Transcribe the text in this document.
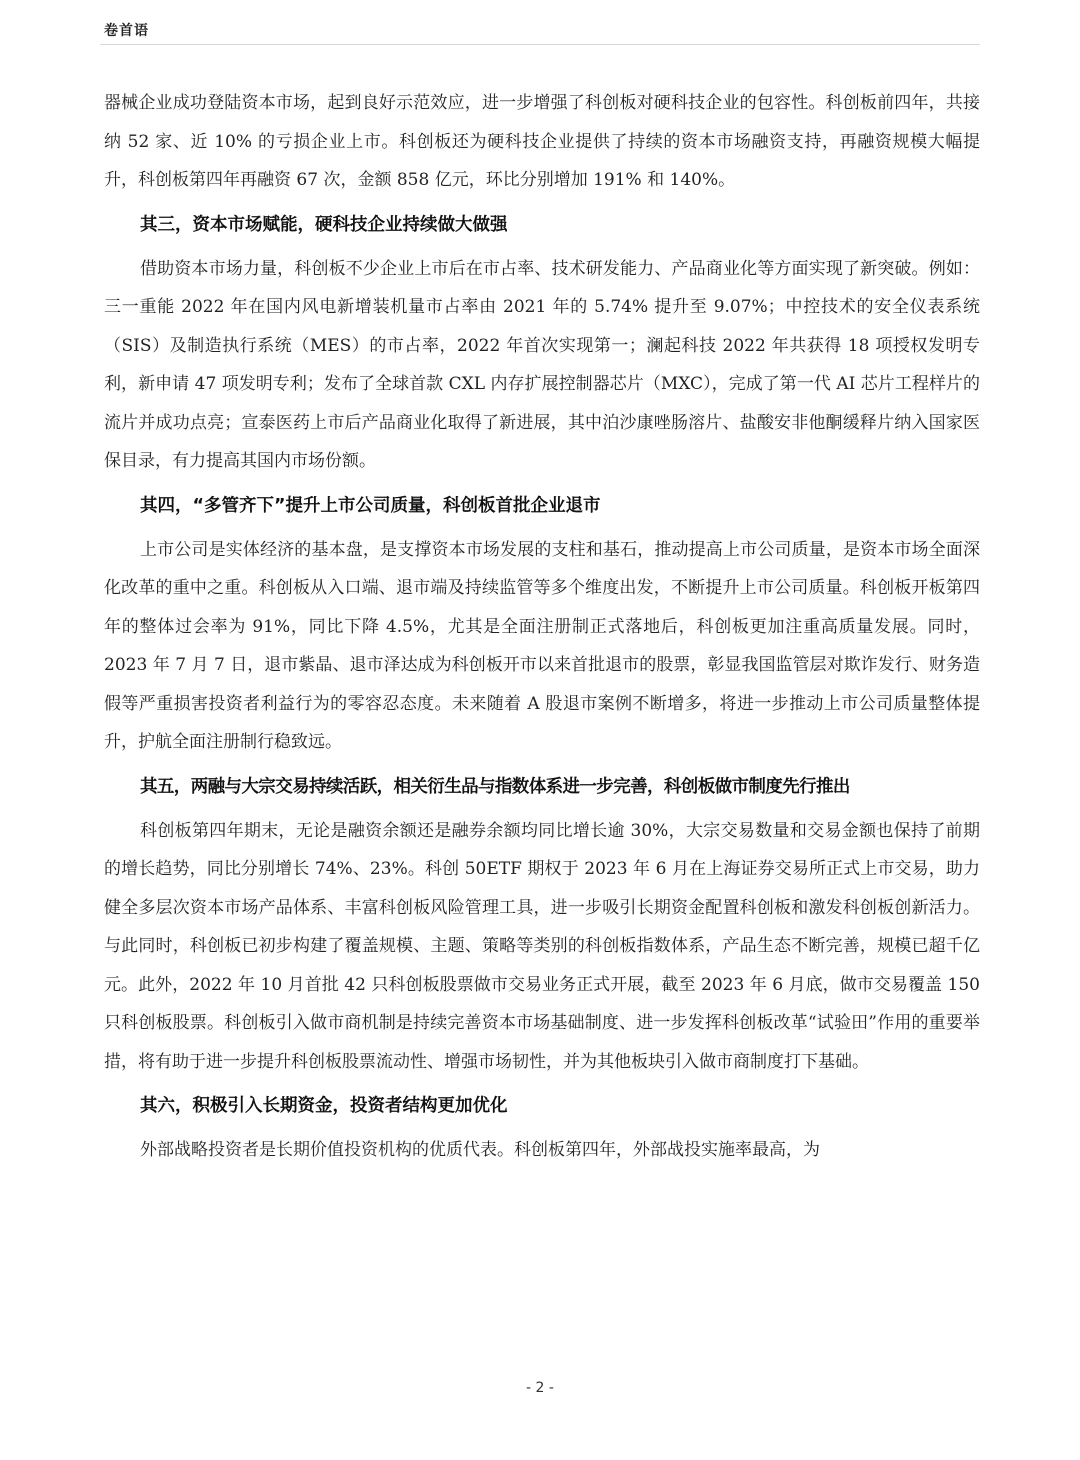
卷首语

器械企业成功登陆资本市场，起到良好示范效应，进一步增强了科创板对硬科技企业的包容性。科创板前四年，共接纳 52 家、近 10% 的亏损企业上市。科创板还为硬科技企业提供了持续的资本市场融资支持，再融资规模大幅提升，科创板第四年再融资 67 次，金额 858 亿元，环比分别增加 191% 和 140%。

其三，资本市场赋能，硬科技企业持续做大做强

借助资本市场力量，科创板不少企业上市后在市占率、技术研发能力、产品商业化等方面实现了新突破。例如：三一重能 2022 年在国内风电新增装机量市占率由 2021 年的 5.74% 提升至 9.07%；中控技术的安全仪表系统（SIS）及制造执行系统（MES）的市占率，2022 年首次实现第一；澜起科技 2022 年共获得 18 项授权发明专利，新申请 47 项发明专利；发布了全球首款 CXL 内存扩展控制器芯片（MXC），完成了第一代 AI 芯片工程样片的流片并成功点亮；宣泰医药上市后产品商业化取得了新进展，其中泊沙康唑肠溶片、盐酸安非他酮缓释片纳入国家医保目录，有力提高其国内市场份额。

其四，“多管齐下”提升上市公司质量，科创板首批企业退市

上市公司是实体经济的基本盘，是支撑资本市场发展的支柱和基石，推动提高上市公司质量，是资本市场全面深化改革的重中之重。科创板从入口端、退市端及持续监管等多个维度出发，不断提升上市公司质量。科创板开板第四年的整体过会率为 91%，同比下降 4.5%，尤其是全面注册制正式落地后，科创板更加注重高质量发展。同时，2023 年 7 月 7 日，退市紫晶、退市泽达成为科创板开市以来首批退市的股票，彰显我国监管层对欺诈发行、财务造假等严重损害投资者利益行为的零容忍态度。未来随着 A 股退市案例不断增多，将进一步推动上市公司质量整体提升，护航全面注册制行稳致远。

其五，两融与大宗交易持续活跃，相关衍生品与指数体系进一步完善，科创板做市制度先行推出

科创板第四年期末，无论是融资余额还是融券余额均同比增长逾 30%，大宗交易数量和交易金额也保持了前期的增长趋势，同比分别增长 74%、23%。科创 50ETF 期权于 2023 年 6 月在上海证券交易所正式上市交易，助力健全多层次资本市场产品体系、丰富科创板风险管理工具，进一步吸引长期资金配置科创板和激发科创板创新活力。与此同时，科创板已初步构建了覆盖规模、主题、策略等类别的科创板指数体系，产品生态不断完善，规模已超千亿元。此外，2022 年 10 月首批 42 只科创板股票做市交易业务正式开展，截至 2023 年 6 月底，做市交易覆盖 150 只科创板股票。科创板引入做市商机制是持续完善资本市场基础制度、进一步发挥科创板改革“试验田”作用的重要举措，将有助于进一步提升科创板股票流动性、增强市场韧性，并为其他板块引入做市商制度打下基础。

其六，积极引入长期资金，投资者结构更加优化

外部战略投资者是长期价值投资机构的优质代表。科创板第四年，外部战投实施率最高，为

- 2 -
